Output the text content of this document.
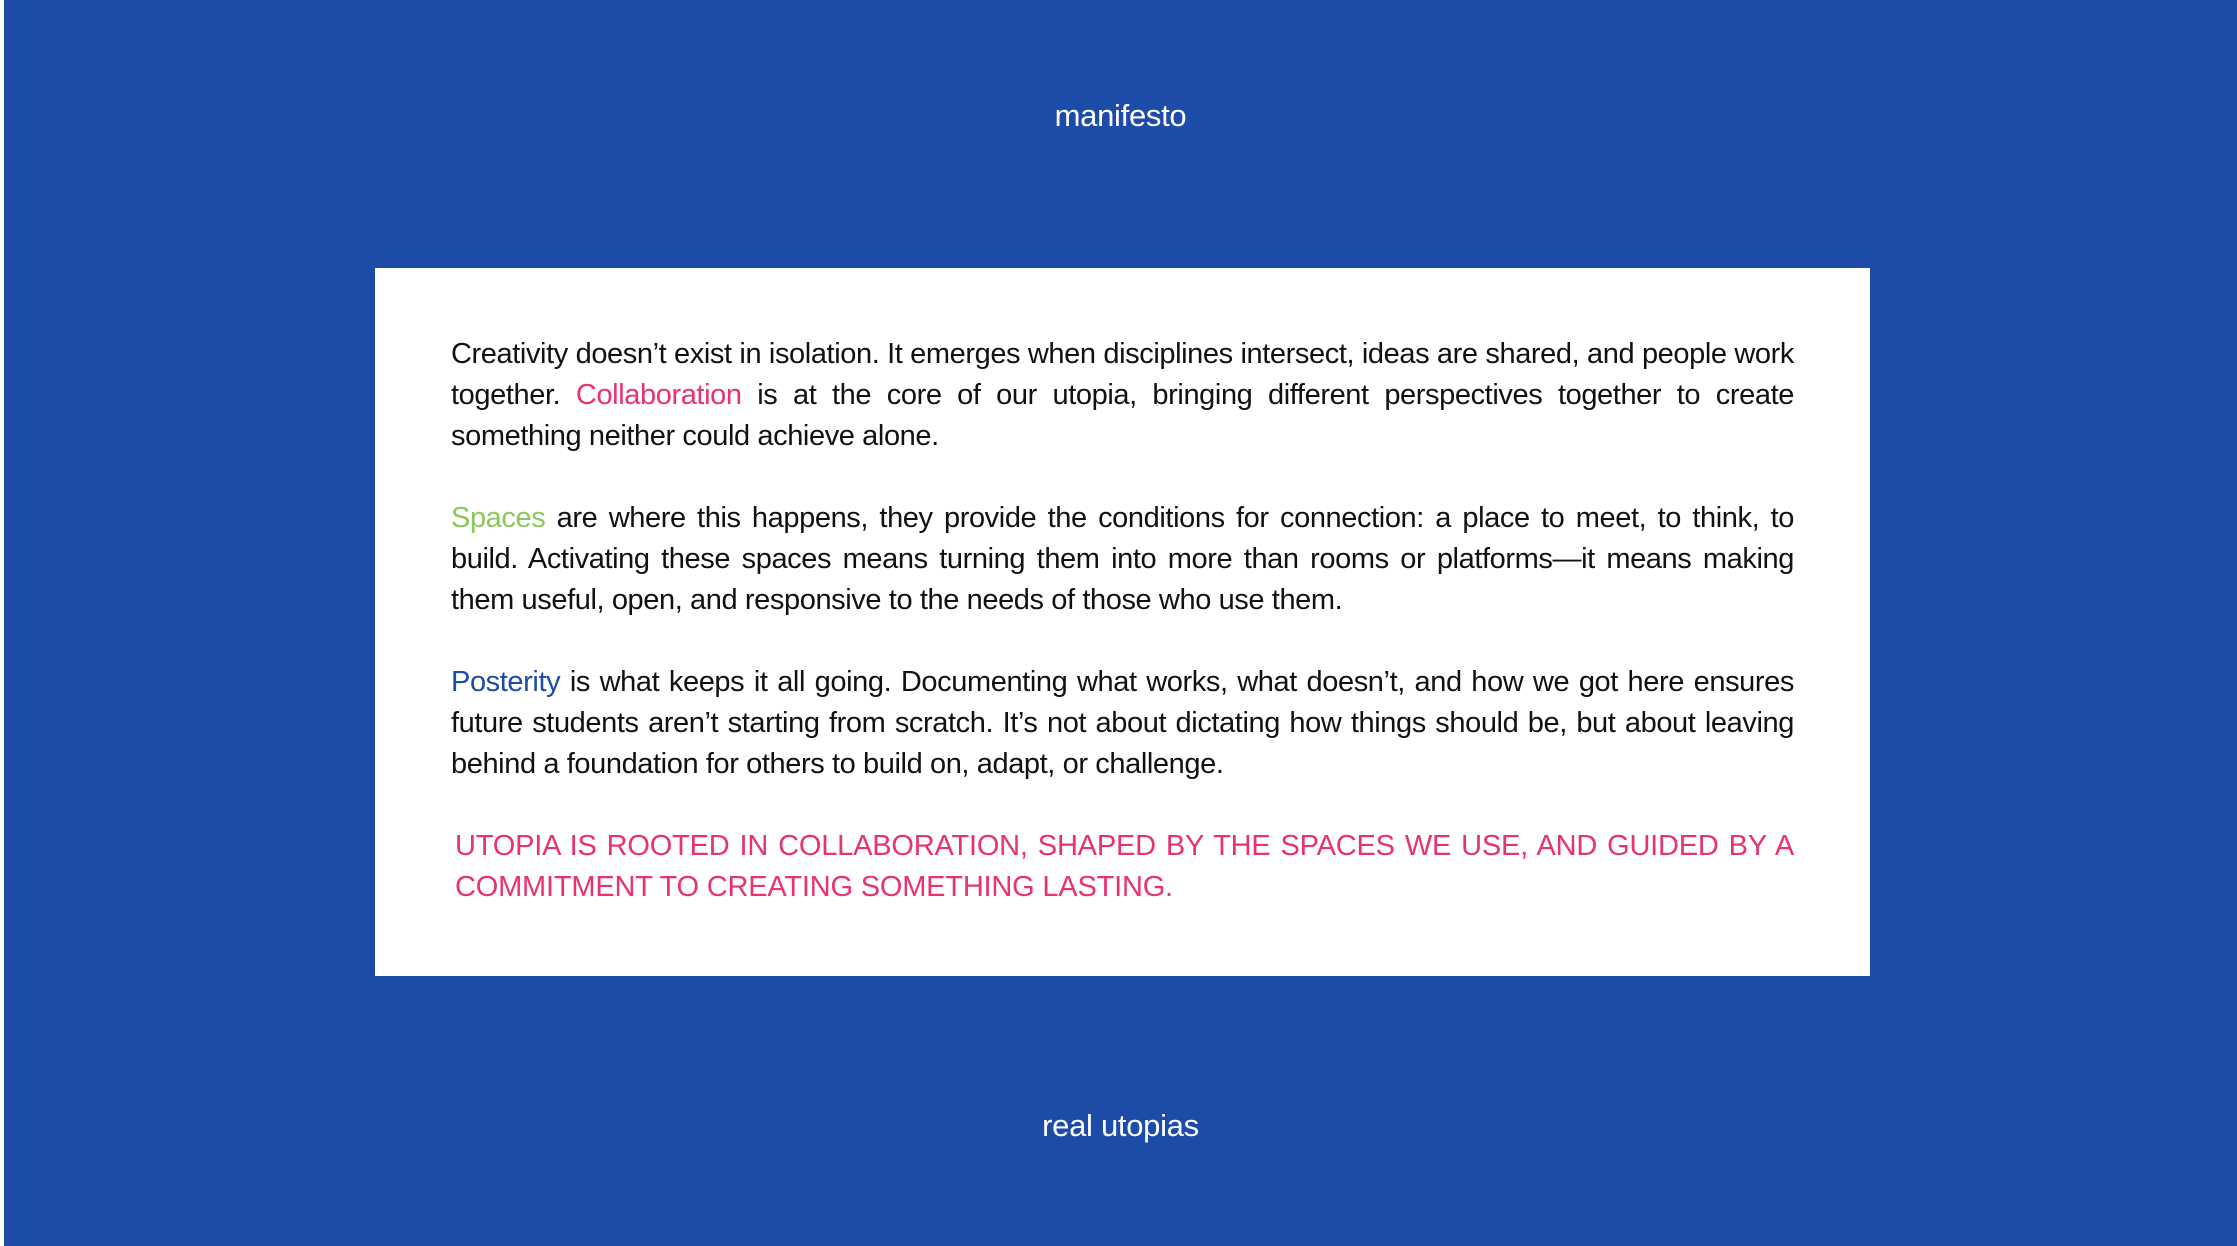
manifesto

Creativity doesn’t exist in isolation. It emerges when disciplines intersect, ideas are shared, and people work together. Collaboration is at the core of our utopia, bringing different perspectives together to create something neither could achieve alone.

Spaces are where this happens, they provide the conditions for connection: a place to meet, to think, to build. Activating these spaces means turning them into more than rooms or platforms—it means making them useful, open, and responsive to the needs of those who use them.

Posterity is what keeps it all going. Documenting what works, what doesn’t, and how we got here ensures future students aren’t starting from scratch. It’s not about dictating how things should be, but about leaving behind a foundation for others to build on, adapt, or challenge.

UTOPIA IS ROOTED IN COLLABORATION, SHAPED BY THE SPACES WE USE, AND GUIDED BY A COMMITMENT TO CREATING SOMETHING LASTING.

real utopias
